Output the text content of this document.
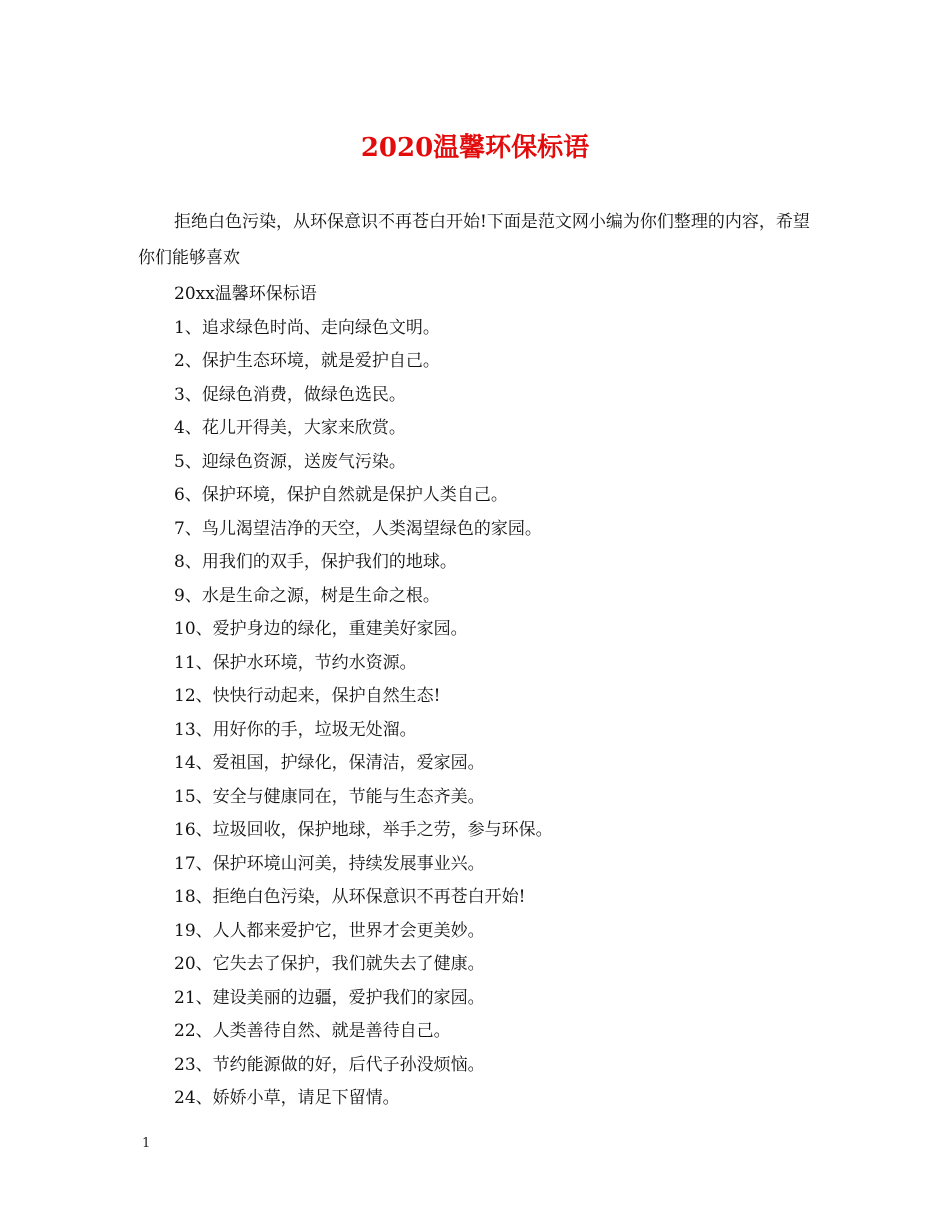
2020温馨环保标语

拒绝白色污染，从环保意识不再苍白开始!下面是范文网小编为你们整理的内容，希望你们能够喜欢

20xx温馨环保标语
1、追求绿色时尚、走向绿色文明。
2、保护生态环境，就是爱护自己。
3、促绿色消费，做绿色选民。
4、花儿开得美，大家来欣赏。
5、迎绿色资源，送废气污染。
6、保护环境，保护自然就是保护人类自己。
7、鸟儿渴望洁净的天空，人类渴望绿色的家园。
8、用我们的双手，保护我们的地球。
9、水是生命之源，树是生命之根。
10、爱护身边的绿化，重建美好家园。
11、保护水环境，节约水资源。
12、快快行动起来，保护自然生态!
13、用好你的手，垃圾无处溜。
14、爱祖国，护绿化，保清洁，爱家园。
15、安全与健康同在，节能与生态齐美。
16、垃圾回收，保护地球，举手之劳，参与环保。
17、保护环境山河美，持续发展事业兴。
18、拒绝白色污染，从环保意识不再苍白开始!
19、人人都来爱护它，世界才会更美妙。
20、它失去了保护，我们就失去了健康。
21、建设美丽的边疆，爱护我们的家园。
22、人类善待自然、就是善待自己。
23、节约能源做的好，后代子孙没烦恼。
24、娇娇小草，请足下留情。
1
